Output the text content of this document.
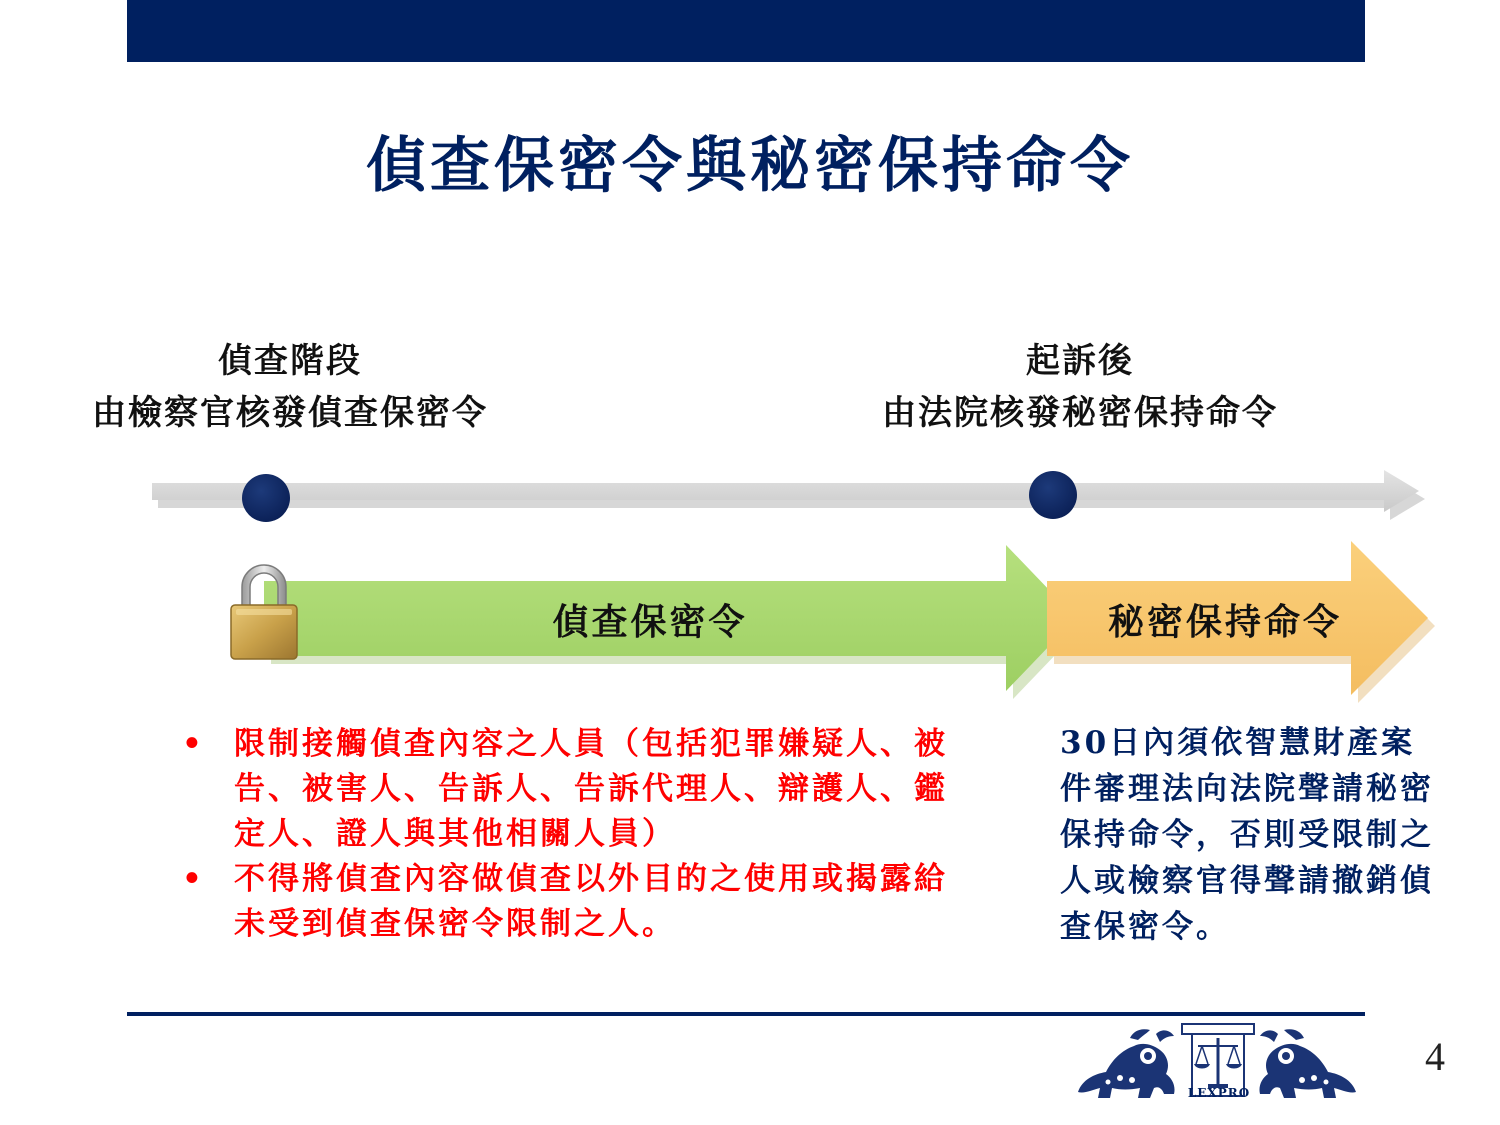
偵查保密令與秘密保持命令
偵查階段
由檢察官核發偵查保密令
起訴後
由法院核發秘密保持命令
偵查保密令	秘密保持命令
• 限制接觸偵查內容之人員（包括犯罪嫌疑人、被告、被害人、告訴人、告訴代理人、辯護人、鑑定人、證人與其他相關人員）
• 不得將偵查內容做偵查以外目的之使用或揭露給未受到偵查保密令限制之人。
30日內須依智慧財產案件審理法向法院聲請秘密保持命令，否則受限制之人或檢察官得聲請撤銷偵查保密令。
LEXPRO
4
